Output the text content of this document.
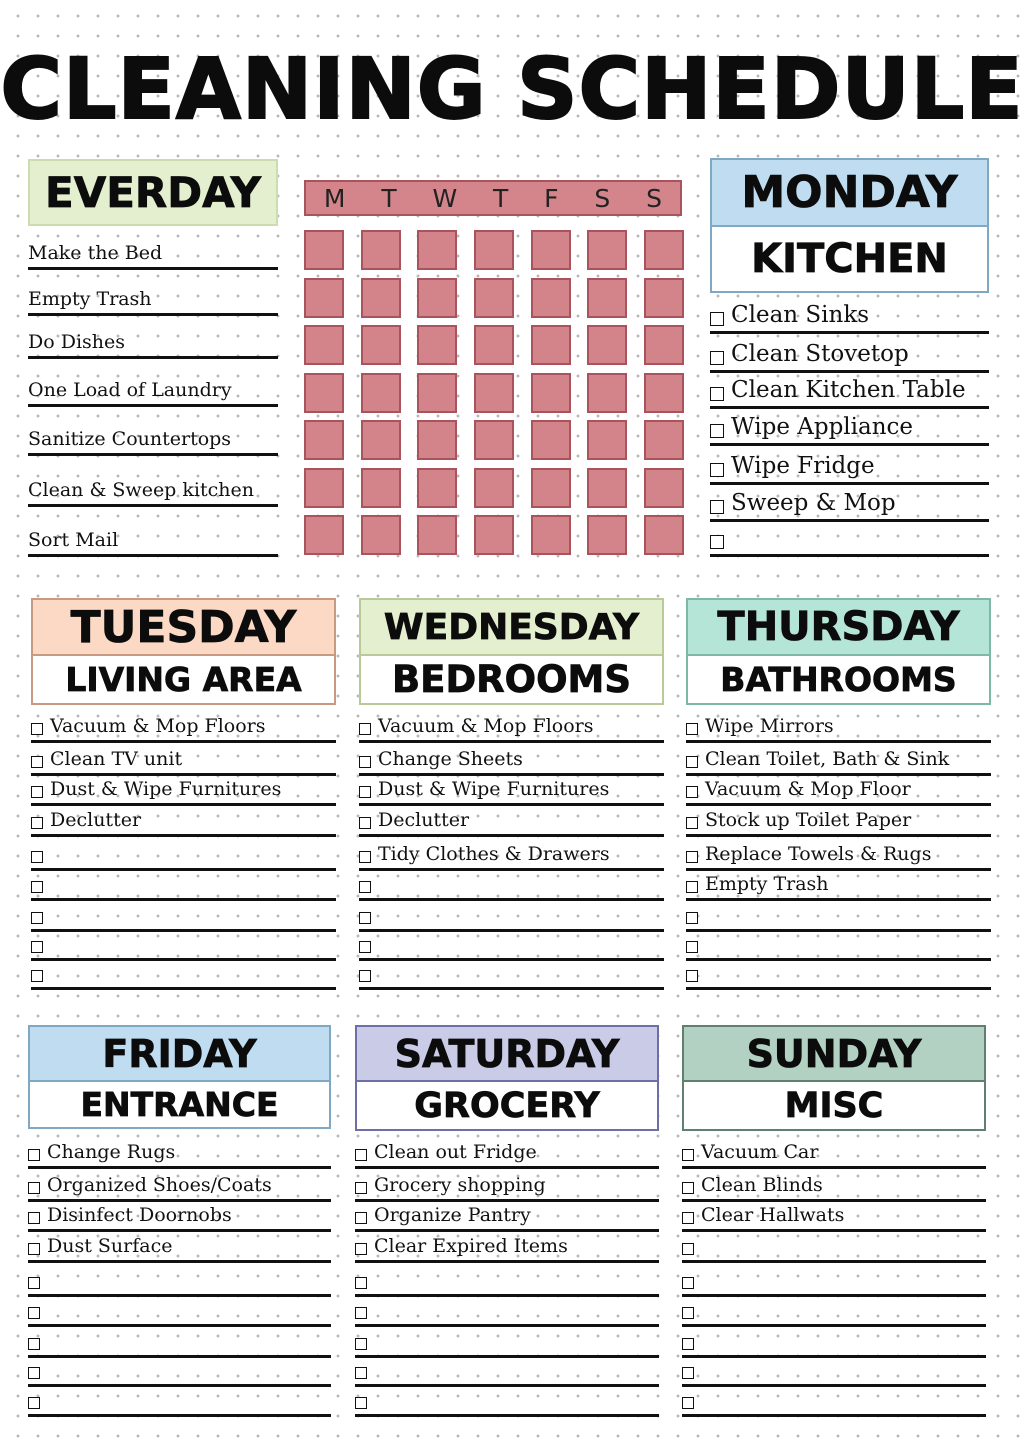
CLEANING SCHEDULE
EVERDAY
Make the Bed
Empty Trash
Do Dishes
One Load of Laundry
Sanitize Countertops
Clean & Sweep kitchen
Sort Mail
M T W T F S S	MONDAY
KITCHEN
Clean Sinks
Clean Stovetop
Clean Kitchen Table
Wipe Appliance
Wipe Fridge
Sweep & Mop
TUESDAY
LIVING AREA
Vacuum & Mop Floors
Clean TV unit
Dust & Wipe Furnitures
Declutter
WEDNESDAY
BEDROOMS
Vacuum & Mop Floors
Change Sheets
Dust & Wipe Furnitures
Declutter
Tidy Clothes & Drawers
THURSDAY
BATHROOMS
Wipe Mirrors
Clean Toilet, Bath & Sink
Vacuum & Mop Floor
Stock up Toilet Paper
Replace Towels & Rugs
Empty Trash
FRIDAY
ENTRANCE
Change Rugs
Organized Shoes/Coats
Disinfect Doornobs
Dust Surface
SATURDAY
GROCERY
Clean out Fridge
Grocery shopping
Organize Pantry
Clear Expired Items
SUNDAY
MISC
Vacuum Car
Clean Blinds
Clear Hallwats
